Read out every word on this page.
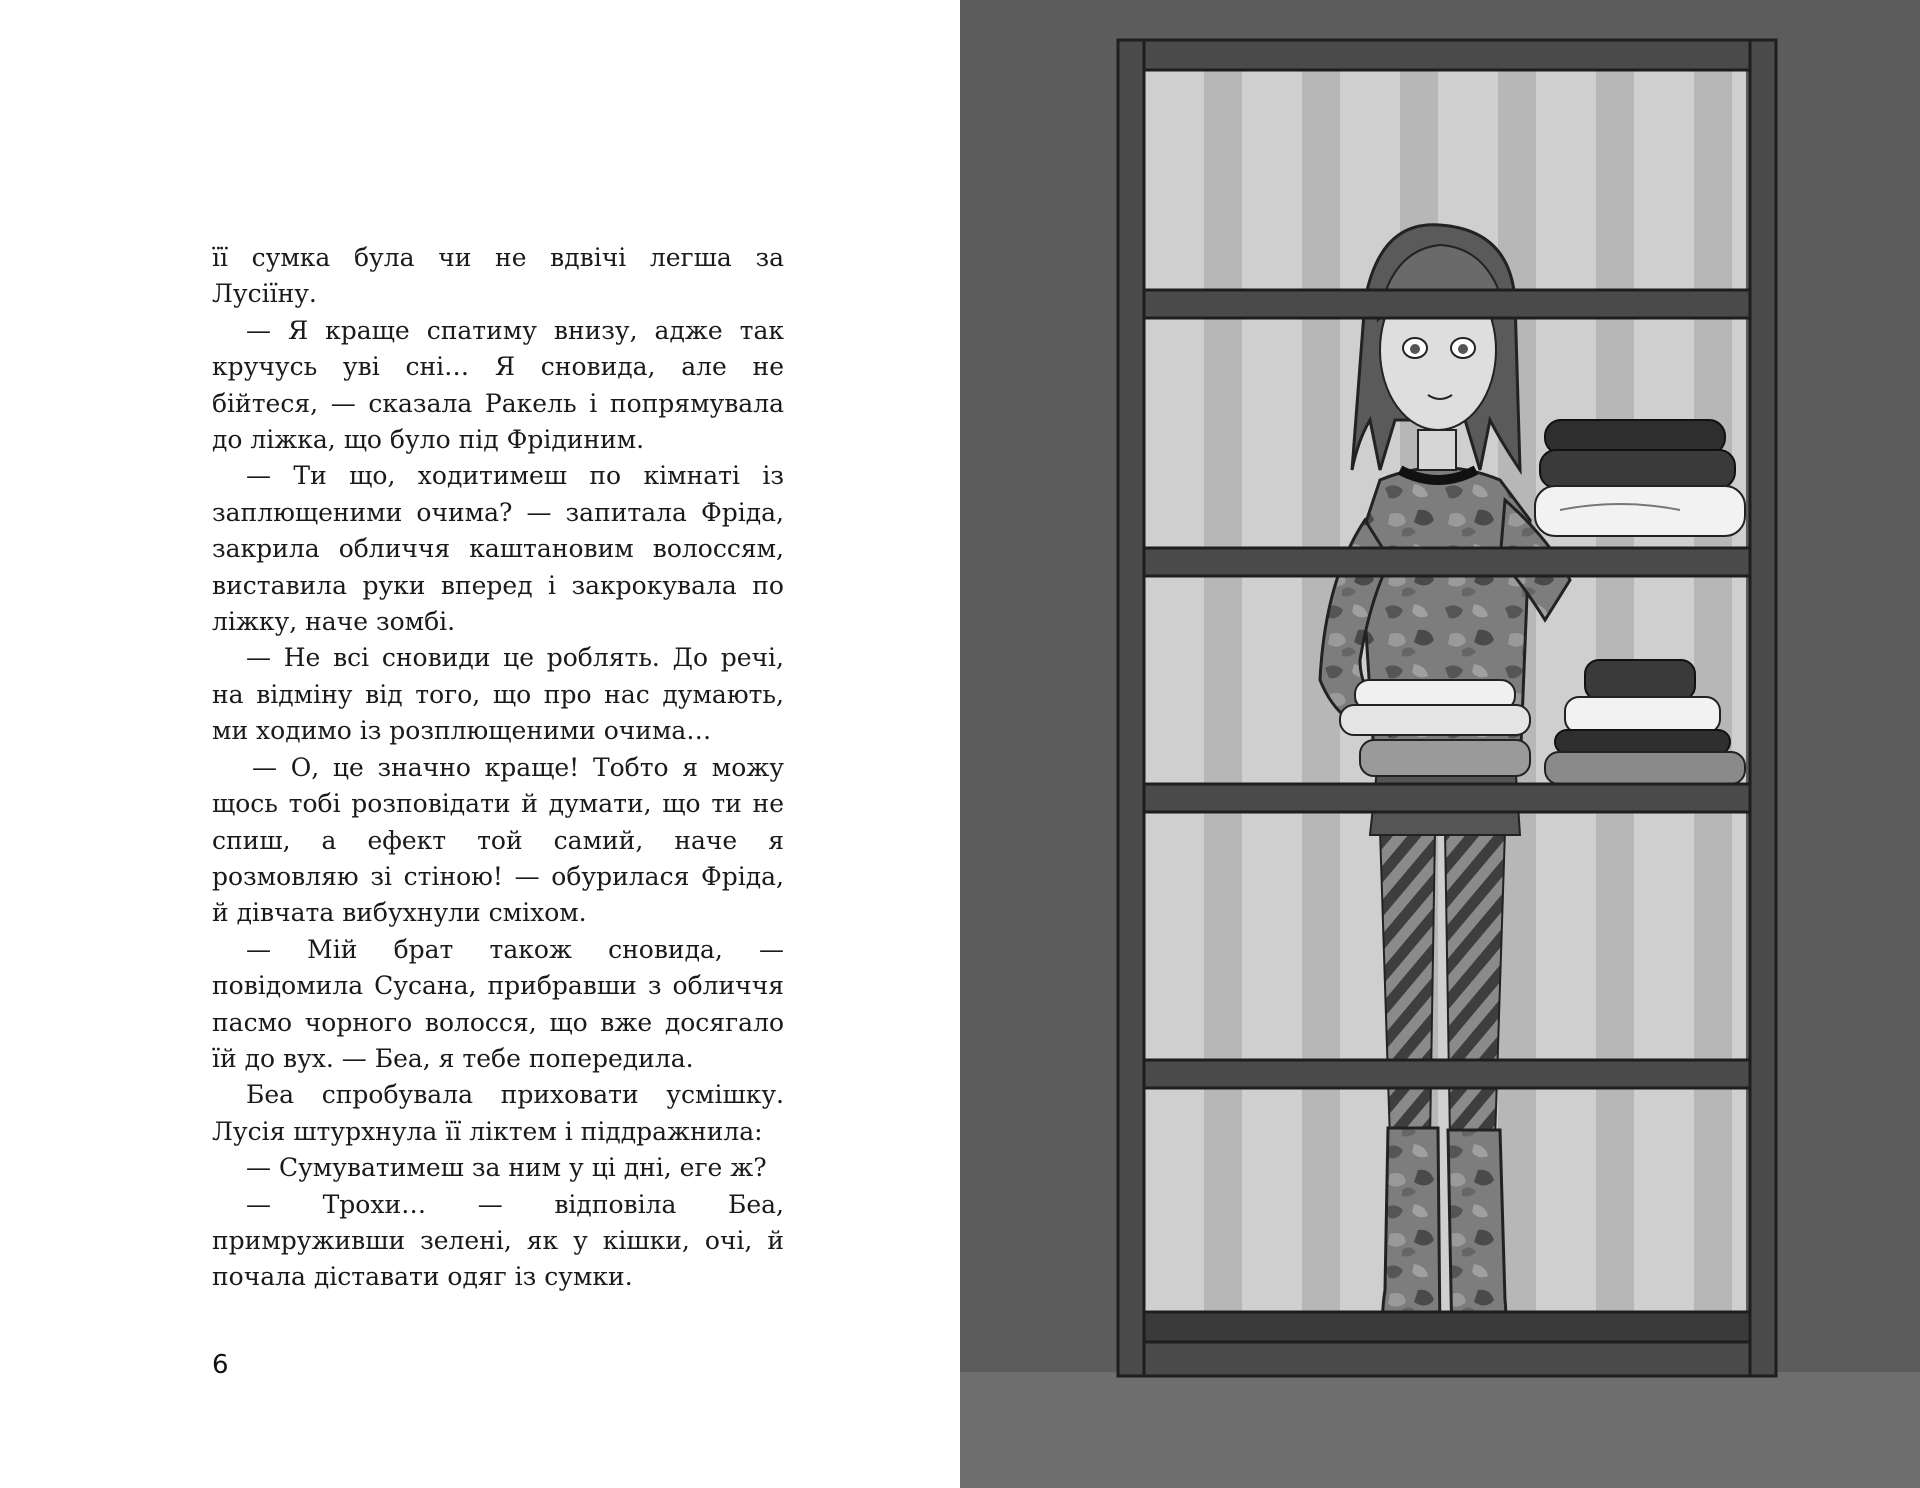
її сумка була чи не вдвічі легша за Лусіїну.

— Я краще спатиму внизу, адже так кручусь уві сні… Я сновида, але не бійтеся, — сказала Ракель і попрямувала до ліжка, що було під Фрідиним.

— Ти що, ходитимеш по кімнаті із заплющеними очима? — запитала Фріда, закрила обличчя каштановим волоссям, виставила руки вперед і закрокувала по ліжку, наче зомбі.

— Не всі сновиди це роблять. До речі, на відміну від того, що про нас думають, ми ходимо із розплющеними очима…

— О, це значно краще! Тобто я можу щось тобі розповідати й думати, що ти не спиш, а ефект той самий, наче я розмовляю зі стіною! — обурилася Фріда, й дівчата вибухнули сміхом.

— Мій брат також сновида, — повідомила Сусана, прибравши з обличчя пасмо чорного волосся, що вже досягало їй до вух. — Беа, я тебе попередила.

Беа спробувала приховати усмішку. Лусія штурхнула її ліктем і піддражнила:

— Сумуватимеш за ним у ці дні, еге ж?

— Трохи… — відповіла Беа, примруживши зелені, як у кішки, очі, й почала діставати одяг із сумки.

6
